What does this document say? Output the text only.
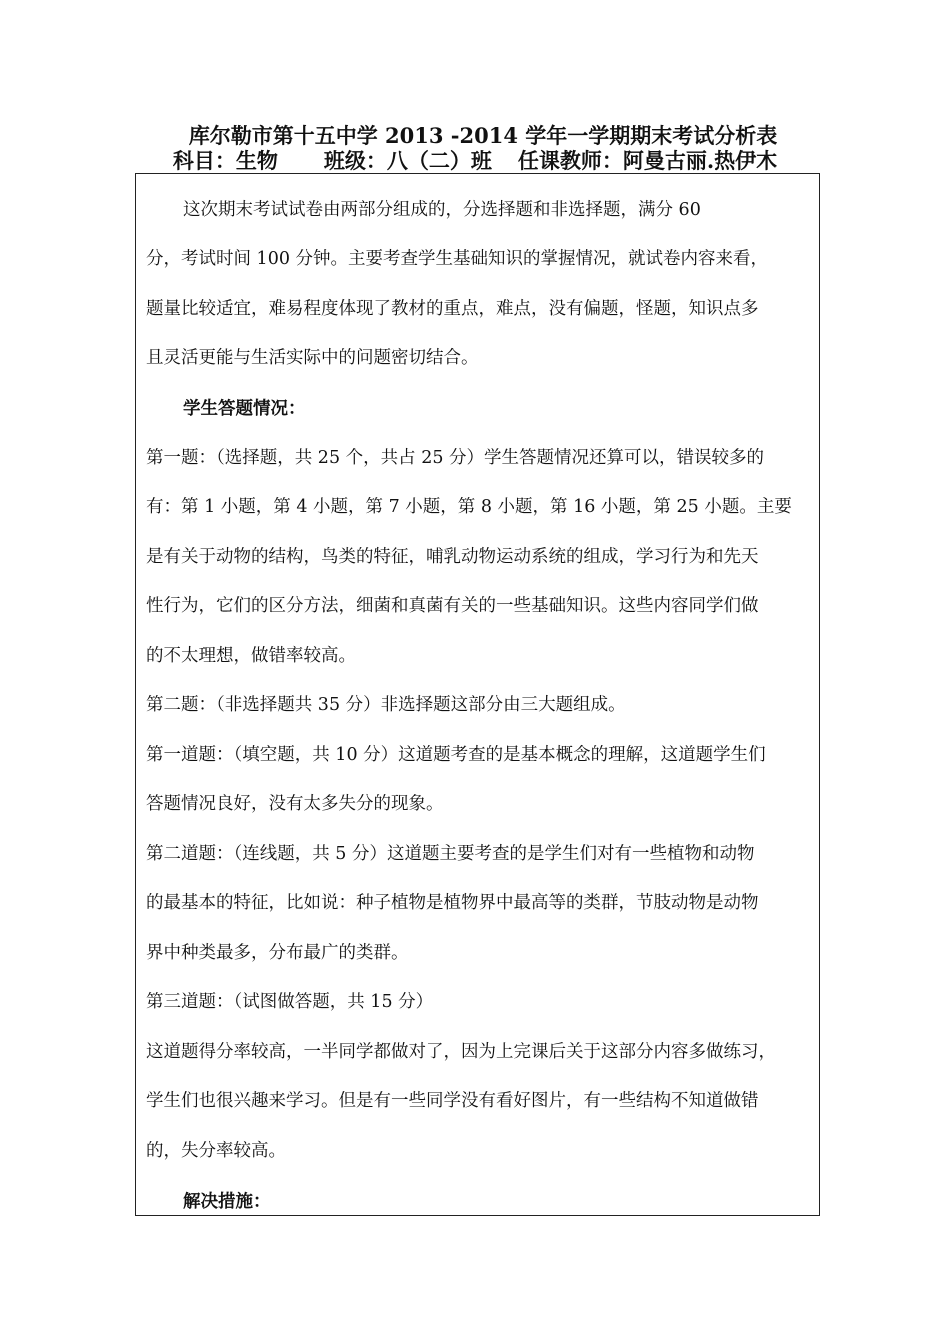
库尔勒市第十五中学 2013 -2014 学年一学期期末考试分析表
科目：生物 班级：八（二）班 任课教师：阿曼古丽.热伊木
这次期末考试试卷由两部分组成的，分选择题和非选择题，满分 60
分，考试时间 100 分钟。主要考查学生基础知识的掌握情况，就试卷内容来看，
题量比较适宜，难易程度体现了教材的重点，难点，没有偏题，怪题，知识点多
且灵活更能与生活实际中的问题密切结合。
学生答题情况：
第一题：（选择题，共 25 个，共占 25 分）学生答题情况还算可以，错误较多的
有：第 1 小题，第 4 小题，第 7 小题，第 8 小题，第 16 小题，第 25 小题。主要
是有关于动物的结构，鸟类的特征，哺乳动物运动系统的组成，学习行为和先天
性行为，它们的区分方法，细菌和真菌有关的一些基础知识。这些内容同学们做
的不太理想，做错率较高。
第二题：（非选择题共 35 分）非选择题这部分由三大题组成。
第一道题：（填空题，共 10 分）这道题考查的是基本概念的理解，这道题学生们
答题情况良好，没有太多失分的现象。
第二道题：（连线题，共 5 分）这道题主要考查的是学生们对有一些植物和动物
的最基本的特征，比如说：种子植物是植物界中最高等的类群，节肢动物是动物
界中种类最多，分布最广的类群。
第三道题：（试图做答题，共 15 分）
这道题得分率较高，一半同学都做对了，因为上完课后关于这部分内容多做练习，
学生们也很兴趣来学习。但是有一些同学没有看好图片，有一些结构不知道做错
的，失分率较高。
解决措施：
